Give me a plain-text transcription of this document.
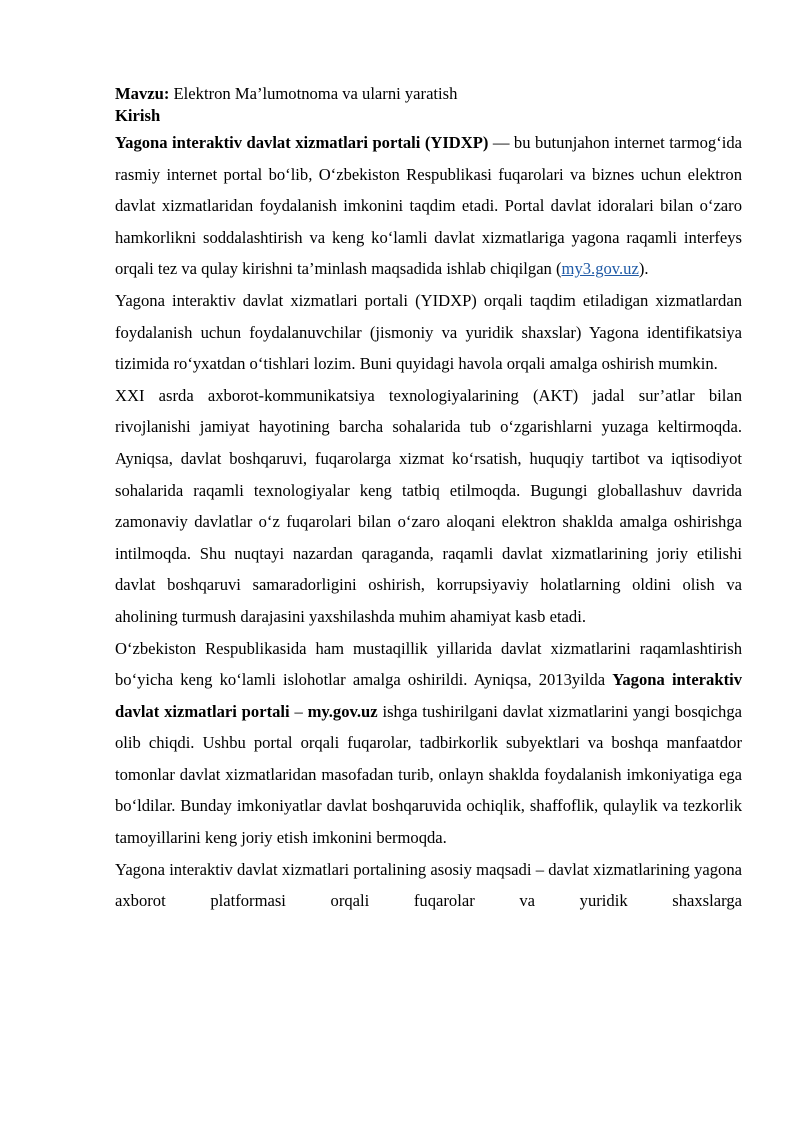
Mavzu: Elektron Ma’lumotnoma va ularni yaratish

Kirish

Yagona interaktiv davlat xizmatlari portali (YIDXP) — bu butunjahon internet tarmog‘ida rasmiy internet portal bo‘lib, O‘zbekiston Respublikasi fuqarolari va biznes uchun elektron davlat xizmatlaridan foydalanish imkonini taqdim etadi. Portal davlat idoralari bilan o‘zaro hamkorlikni soddalashtirish va keng ko‘lamli davlat xizmatlariga yagona raqamli interfeys orqali tez va qulay kirishni ta’minlash maqsadida ishlab chiqilgan (my3.gov.uz).

Yagona interaktiv davlat xizmatlari portali (YIDXP) orqali taqdim etiladigan xizmatlardan foydalanish uchun foydalanuvchilar (jismoniy va yuridik shaxslar) Yagona identifikatsiya tizimida ro‘yxatdan o‘tishlari lozim. Buni quyidagi havola orqali amalga oshirish mumkin.

XXI asrda axborot-kommunikatsiya texnologiyalarining (AKT) jadal sur’atlar bilan rivojlanishi jamiyat hayotining barcha sohalarida tub o‘zgarishlarni yuzaga keltirmoqda. Ayniqsa, davlat boshqaruvi, fuqarolarga xizmat ko‘rsatish, huquqiy tartibot va iqtisodiyot sohalarida raqamli texnologiyalar keng tatbiq etilmoqda. Bugungi globallashuv davrida zamonaviy davlatlar o‘z fuqarolari bilan o‘zaro aloqani elektron shaklda amalga oshirishga intilmoqda. Shu nuqtayi nazardan qaraganda, raqamli davlat xizmatlarining joriy etilishi davlat boshqaruvi samaradorligini oshirish, korrupsiyaviy holatlarning oldini olish va aholining turmush darajasini yaxshilashda muhim ahamiyat kasb etadi.

O‘zbekiston Respublikasida ham mustaqillik yillarida davlat xizmatlarini raqamlashtirish bo‘yicha keng ko‘lamli islohotlar amalga oshirildi. Ayniqsa, 2013yilda Yagona interaktiv davlat xizmatlari portali – my.gov.uz ishga tushirilgani davlat xizmatlarini yangi bosqichga olib chiqdi. Ushbu portal orqali fuqarolar, tadbirkorlik subyektlari va boshqa manfaatdor tomonlar davlat xizmatlaridan masofadan turib, onlayn shaklda foydalanish imkoniyatiga ega bo‘ldilar. Bunday imkoniyatlar davlat boshqaruvida ochiqlik, shaffoflik, qulaylik va tezkorlik tamoyillarini keng joriy etish imkonini bermoqda.

Yagona interaktiv davlat xizmatlari portalining asosiy maqsadi – davlat xizmatlarining yagona axborot platformasi orqali fuqarolar va yuridik shaxslarga
